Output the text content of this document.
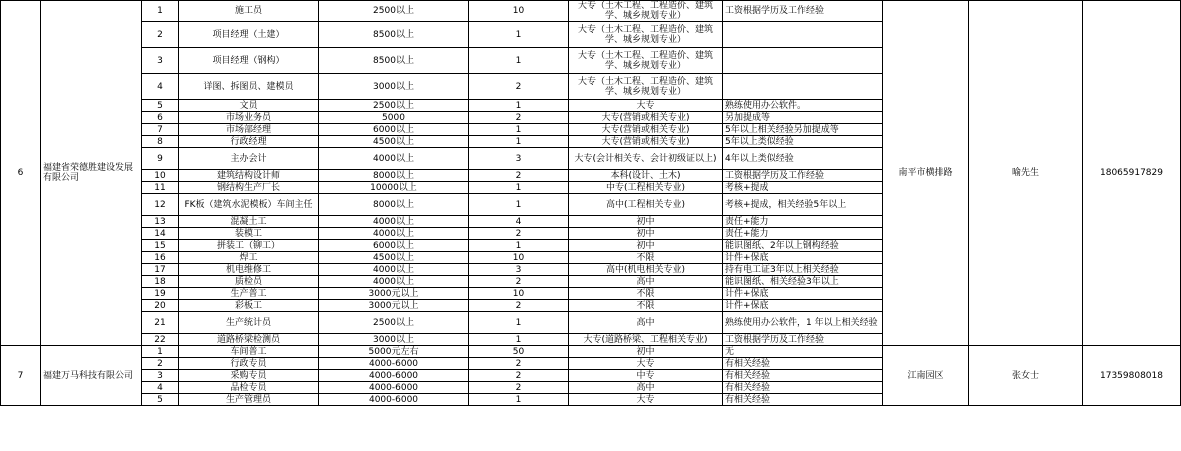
6	福建省荣德胜建设发展有限公司	1	施工员	2500以上	10	大专（土木工程、工程造价、建筑学、城乡规划专业）	工资根据学历及工作经验	南平市横排路	喻先生	18065917829
		2	项目经理（土建）	8500以上	1	大专（土木工程、工程造价、建筑学、城乡规划专业）				
		3	项目经理（钢构）	8500以上	1	大专（土木工程、工程造价、建筑学、城乡规划专业）				
		4	详图、拆图员、建模员	3000以上	2	大专（土木工程、工程造价、建筑学、城乡规划专业）				
		5	文员	2500以上	1	大专	熟练使用办公软件。			
		6	市场业务员	5000	2	大专(营销或相关专业)	另加提成等			
		7	市场部经理	6000以上	1	大专(营销或相关专业)	5年以上相关经验另加提成等			
		8	行政经理	4500以上	1	大专(营销或相关专业)	5年以上类似经验			
		9	主办会计	4000以上	3	大专(会计相关专、会计初级证以上)	4年以上类似经验			
		10	建筑结构设计师	8000以上	2	本科(设计、土木)	工资根据学历及工作经验			
		11	钢结构生产厂长	10000以上	1	中专(工程相关专业)	考核+提成			
		12	FK板（建筑水泥模板）车间主任	8000以上	1	高中(工程相关专业)	考核+提成，相关经验5年以上			
		13	混凝土工	4000以上	4	初中	责任+能力			
		14	装模工	4000以上	2	初中	责任+能力			
		15	拼装工（铆工）	6000以上	1	初中	能识图纸、2年以上钢构经验			
		16	焊工	4500以上	10	不限	计件+保底			
		17	机电维修工	4000以上	3	高中(机电相关专业)	持有电工证3年以上相关经验			
		18	质检员	4000以上	2	高中	能识图纸、相关经验3年以上			
		19	生产普工	3000元以上	10	不限	计件+保底			
		20	彩板工	3000元以上	2	不限	计件+保底			
		21	生产统计员	2500以上	1	高中	熟练使用办公软件，1 年以上相关经验			
		22	道路桥梁检测员	3000以上	1	大专(道路桥梁、工程相关专业)	工资根据学历及工作经验			
7	福建万马科技有限公司	1	车间普工	5000元左右	50	初中	无	江南园区	张女士	17359808018
		2	行政专员	4000-6000	2	大专	有相关经验			
		3	采购专员	4000-6000	2	中专	有相关经验			
		4	品检专员	4000-6000	2	高中	有相关经验			
		5	生产管理员	4000-6000	1	大专	有相关经验			
